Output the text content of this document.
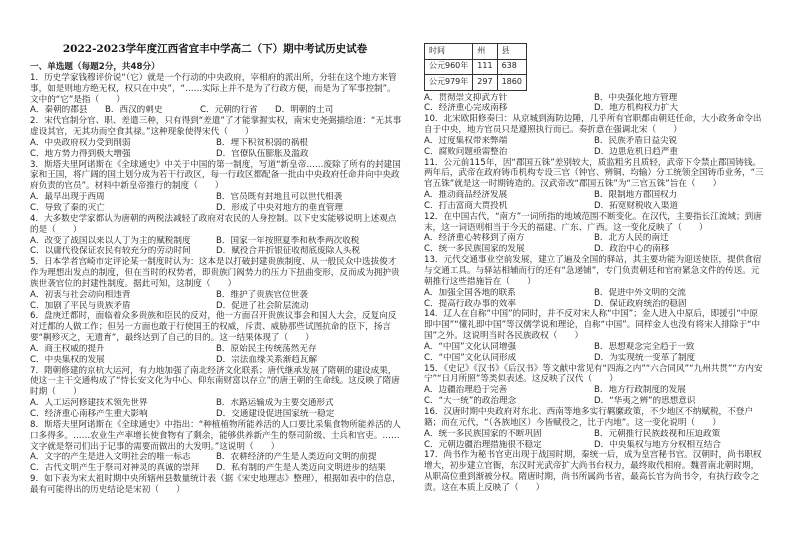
2022-2023学年度江西省宜丰中学高二（下）期中考试历史试卷
一、单选题（每题2分，共48分）

1．历史学家钱穆评价说“（它）就是一个行动的中央政府，宰相府的派出所，分驻在这个地方来管事，如是则地方绝无权，权只在中央”，“……实际上并不是为了行政方便，而是为了军事控制”。文中的“它”是指（　　）

A．秦朝的郡县	B．西汉的刺史	C．元朝的行省	D．明朝的土司

2．宋代官制分官、职、差遣三种，只有得到“差遣”了才能掌握实权，南宋史尧弼描绘道：“无其事虚设其官，无其功而空食其禄。”这种现象使得宋代（　　）

A．中央政府权力受到削弱	B．埋下积贫积弱的祸根
C．地方势力得到极大增强	D．官僚队伍膨胀及滥政

3．斯塔夫里阿诺斯在《全球通史》中关于中国的第一制度，写道“新皇帝……废除了所有的封建国家和王国，将广阔的国土划分成为若干行政区，每一行政区都配备一批由中央政府任命并向中央政府负责的官员”。材料中新皇帝推行的制度（　　）

A．最早出现于西周	B．官员既有封地且可以世代相袭
C．导致了秦的灭亡	D．形成了中央对地方的垂直管理

4．大多数史学家都认为唐朝的两税法减轻了政府对农民的人身控制。以下史实能够说明上述观点的是（　　）

A．改变了战国以来以人丁为主的赋税制度	B．国家一年按照夏季和秋季两次收税
C．以庸代役保证农民有较充分的劳动时间	D．赋役合并折银征收彻底废除人头税

5．日本学者宫崎市定评论某一制度时认为：这本是以打破封建贵族制度、从一般民众中选拔俊才作为理想出发点的制度，但在当时的权势者，即贵族门阀势力的压力下扭曲变形，反而成为拥护贵族世袭官位的封建性制度。据此可知，这制度（　　）

A．初衷与社会动向相违背	B．维护了贵族官位世袭
C．加剧了平民与贵族矛盾	D．促进了社会阶层流动

6．盘庚迁都时，面临着众多贵族和臣民的反对，他一方面召开贵族议事会和国人大会，反复向反对迁都的人做工作；但另一方面也敢于行使国王的权威，斥责、威胁那些试图抗命的臣下，扬言要“劓殄灭之，无遗育”，最终达到了自己的目的。这一结果体现了（　　）

A．商王权威的提升	B．原始民主传统荡然无存
C．中央集权的发展	D．宗法血缘关系渐趋瓦解

7．隋朝修建的京杭大运河，有力地加强了南北经济文化联系；唐代继承发展了隋朝的建设成果，使这一主干交通构成了“恃长安文化为中心、仰东南财富以存立”的唐王朝的生命线。这反映了隋唐时期（　　）

A．人工运河修建技术领先世界	B．水路运输成为主要交通形式
C．经济重心南移产生重大影响	D．交通建设促进国家统一稳定

8．斯塔夫里阿诺斯在《全球通史》中指出：“种植植物所能养活的人口要比采集食物所能养活的人口多得多。……农业生产率增长使食物有了剩余，能够供养新产生的祭司阶级、士兵和官吏。……文字就是祭司们出于记事的需要而做出的大发明。”这说明（　　）

A．文字的产生是进入文明社会的唯一标志	B．农耕经济的产生是人类迈向文明的前提
C．古代文明产生于祭司对神灵的真诚的崇拜	D．私有制的产生是人类迈向文明进步的结果

9．如下表为宋太祖时期中央所辖州县数量统计表（据《宋史地理志》整理），根据如表中的信息，最有可能得出的历史结论是宋初（　　）

时间	州	县
公元960年	111	638
公元979年	297	1860
A．贯彻崇文抑武方针	B．中央强化地方管理
C．经济重心完成南移	D．地方机构权力扩大

10．北宋欧阳修奏曰：从京城到海防边陲，几乎所有官职都由朝廷任命，大小政务命令出自于中央，地方官员只是遵照执行而已。奏折意在强调北宋（　　）

A．过度集权带来弊端	B．民族矛盾日益尖锐
C．腐败问题亟需整治	D．边患危机日趋严重

11．公元前115年，因“郡国五铢”差别较大，质监粗劣且质轻，武帝下令禁止郡国铸钱。两年后，武帝在政府铸币机构专设三官（钟官、辨铜、均输）分工统领全国铸币业务，“三官五铢”就是这一时期铸造的。汉武帝改“郡国五铢”为“三官五铢”旨在（　　）

A．推动商品经济发展	B．限制地方郡国权力
C．打击富商大贾投机	D．拓宽财税收入渠道

12．在中国古代，“南方”一词所指的地域范围不断变化。在汉代，主要指长江流域；到唐末，这一词语则相当于今天的福建、广东、广西。这一变化反映了（　　）

A．经济重心转移到了南方	B．北方人民的南迁
C．统一多民族国家的发展	D．政治中心的南移

13．元代交通事业空前发展，建立了遍及全国的驿站，其主要功能为迎送使臣，提供食宿与交通工具。与驿站相辅而行的还有“急递铺”，专门负责朝廷和官府紧急文件的传送。元朝推行这些措施旨在（　　）

A．加强全国各地的联系	B．促进中外文明的交流
C．提高行政办事的效率	D．保证政府统治的稳固

14．辽人在自称“中国”的同时，并不反对宋人称“中国”；金人进入中原后，即援引“中原即中国”“懂礼即中国”等汉儒学说和理论，自称“中国”。同样金人也没有将宋人排除于“中国”之外。这说明当时各民族政权（　　）

A．“中国”文化认同增强	B．思想观念完全趋于一致
C．“中国”文化认同形成	D．为实现统一变革了制度

15．《史记》《汉书》《后汉书》等文献中常见有“四海之内”“六合同风”“九州共贯”“方内安宁”“日月所照”等类似表述。这反映了汉代（　　）

A．边疆治理趋于完善	B．地方行政制度的发展
C．“大一统”的政治理念	D．“华夷之辨”的思想意识

16．汉唐时期中央政府对东北、西南等地多实行羁縻政策，不少地区不纳赋税，不登户籍；而在元代，“（各族地区）今皆赋役之，比于内地”。这一变化说明（　　）

A．统一多民族国家的不断巩固	B．元朝推行民族歧视和压迫政策
C．元朝边疆治理措施很不稳定	D．中央集权与地方分权相互结合

17．尚书作为秘书官吏出现于战国时期，秦统一后，成为皇宫秘书官。汉朝时，尚书职权增大，初步建立官衙，东汉时光武帝扩大尚书台权力，最终取代相府。魏晋南北朝时期，从职高位重到渐被分权。隋唐时期，尚书所属尚书省，最高长官为尚书令，有执行政令之责。这在本质上反映了（　　）
